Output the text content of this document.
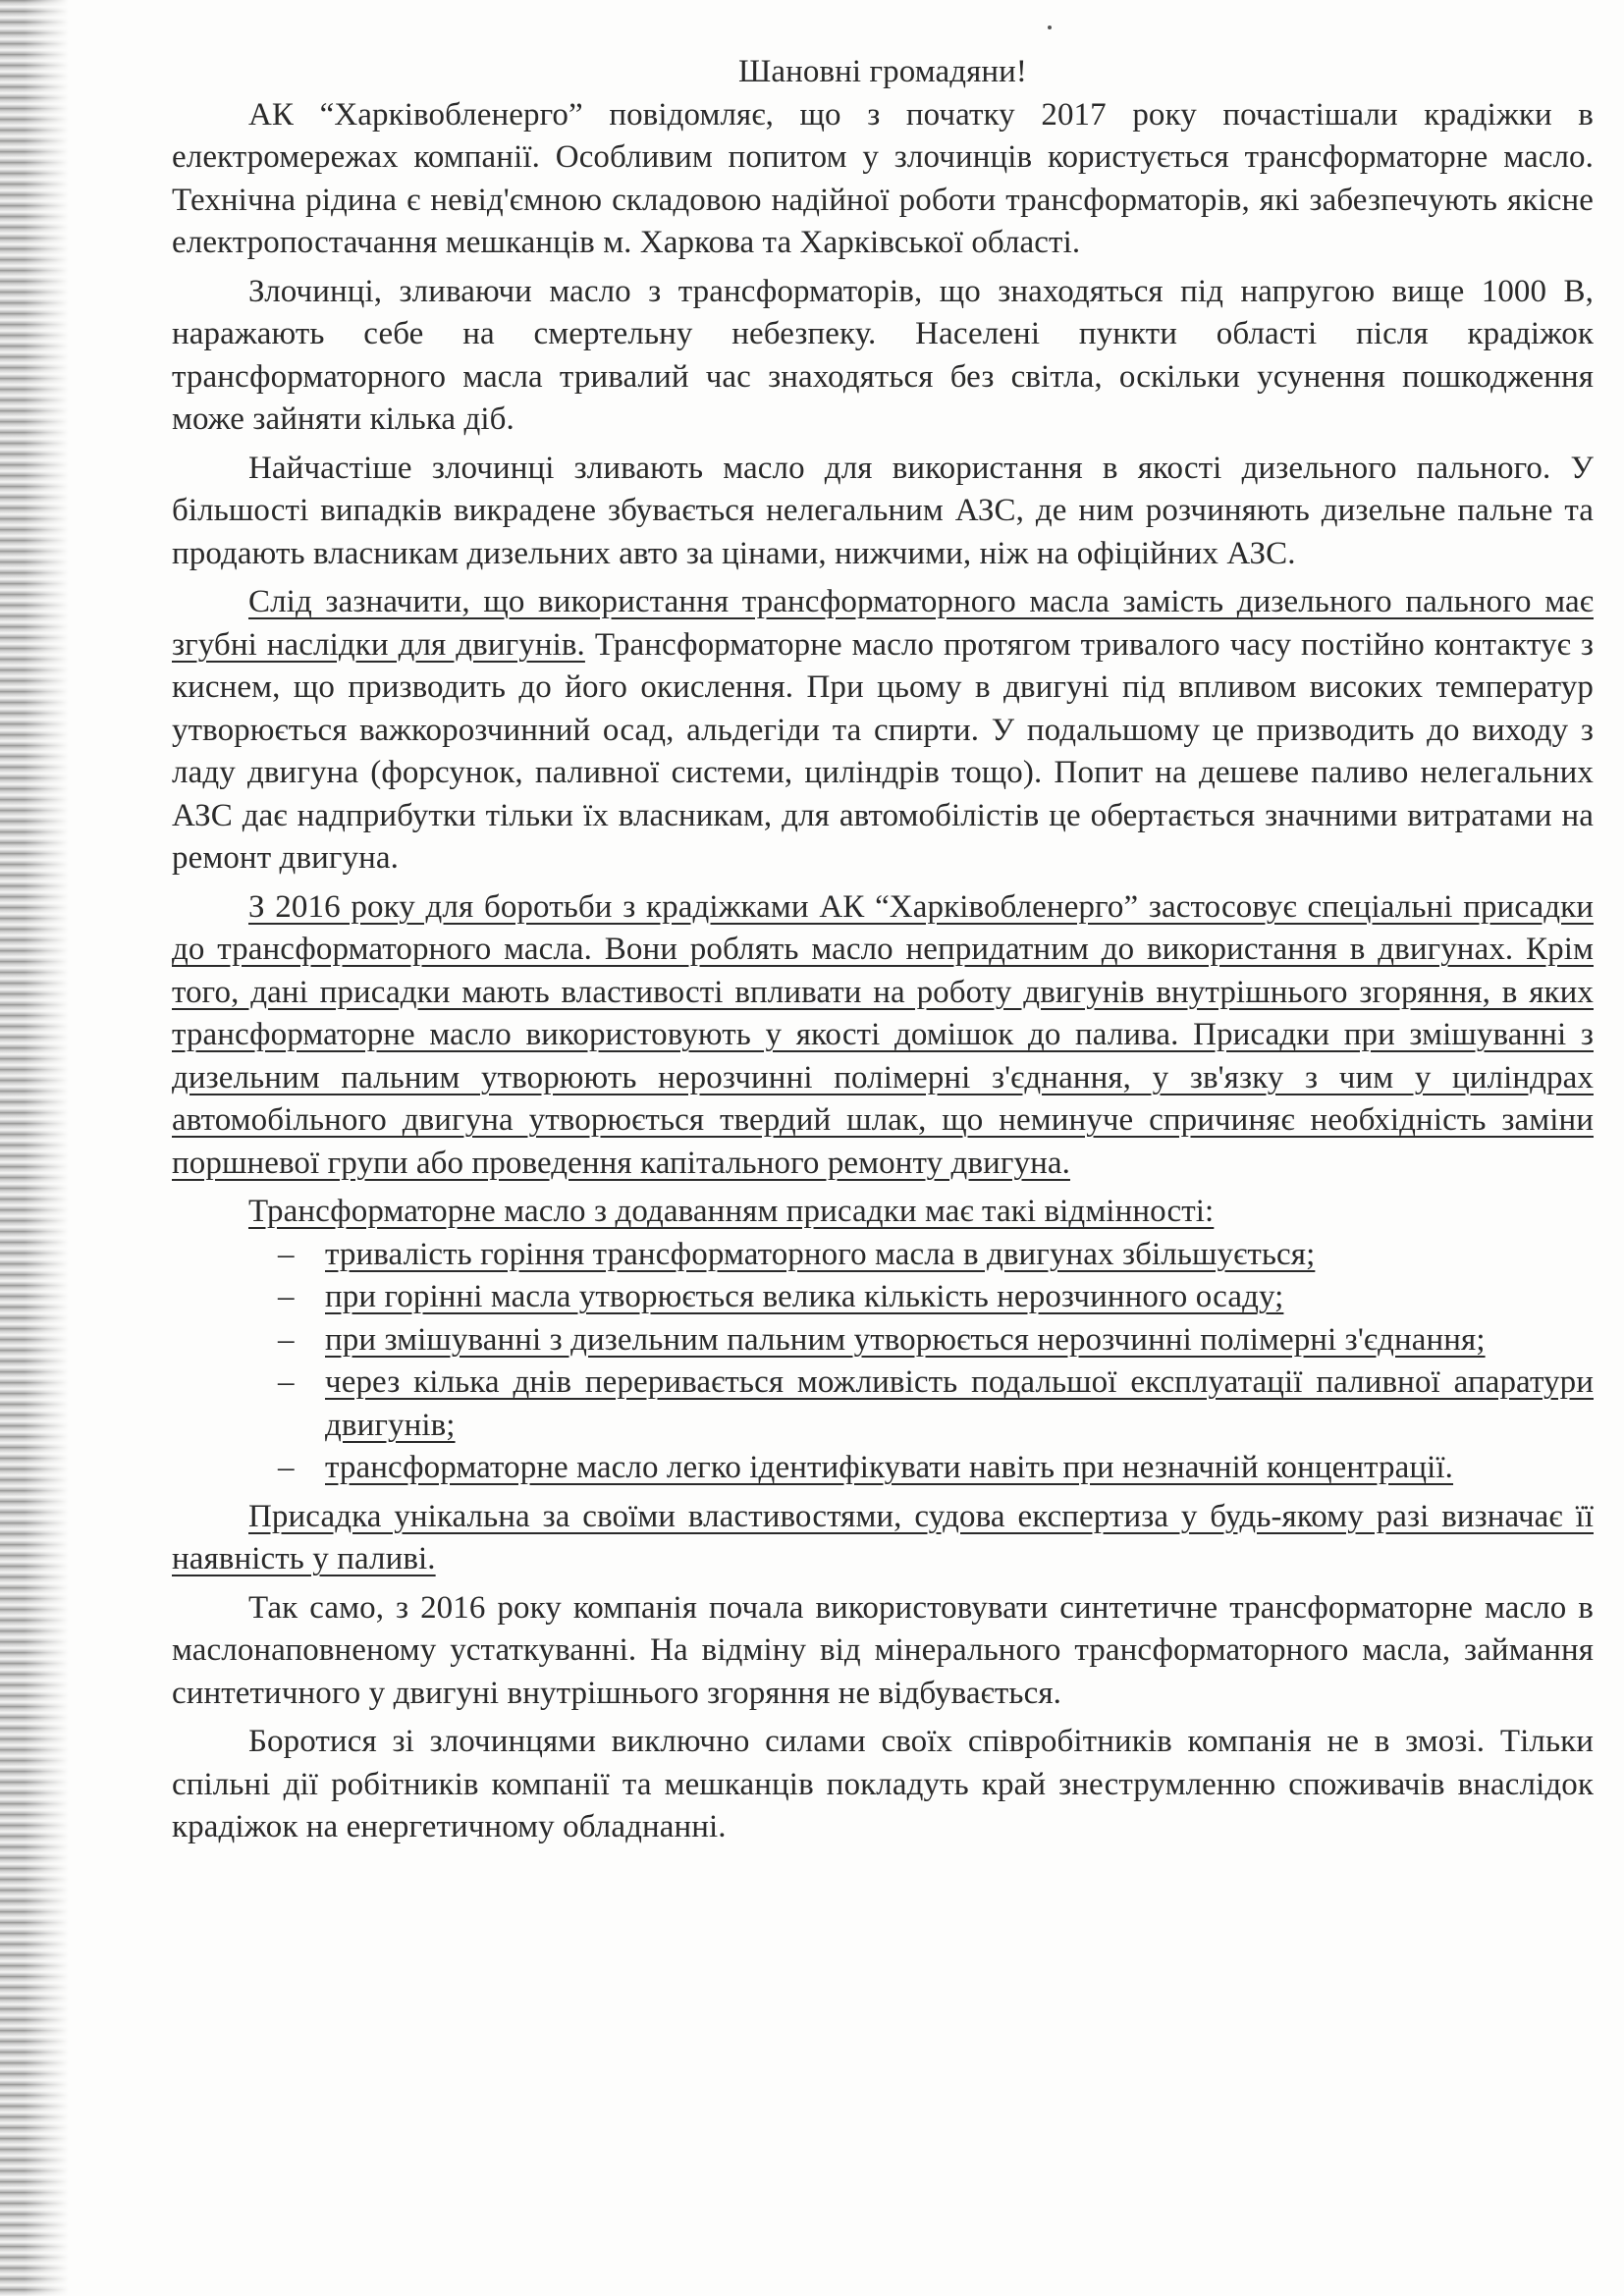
Шановні громадяни!

АК “Харківобленерго” повідомляє, що з початку 2017 року почастішали крадіжки в електромережах компанії. Особливим попитом у злочинців користується трансформаторне масло. Технічна рідина є невід'ємною складовою надійної роботи трансформаторів, які забезпечують якісне електропостачання мешканців м. Харкова та Харківської області.

Злочинці, зливаючи масло з трансформаторів, що знаходяться під напругою вище 1000 В, наражають себе на смертельну небезпеку. Населені пункти області після крадіжок трансформаторного масла тривалий час знаходяться без світла, оскільки усунення пошкодження може зайняти кілька діб.

Найчастіше злочинці зливають масло для використання в якості дизельного пального. У більшості випадків викрадене збувається нелегальним АЗС, де ним розчиняють дизельне пальне та продають власникам дизельних авто за цінами, нижчими, ніж на офіційних АЗС.

Слід зазначити, що використання трансформаторного масла замість дизельного пального має згубні наслідки для двигунів. Трансформаторне масло протягом тривалого часу постійно контактує з киснем, що призводить до його окислення. При цьому в двигуні під впливом високих температур утворюється важкорозчинний осад, альдегіди та спирти. У подальшому це призводить до виходу з ладу двигуна (форсунок, паливної системи, циліндрів тощо). Попит на дешеве паливо нелегальних АЗС дає надприбутки тільки їх власникам, для автомобілістів це обертається значними витратами на ремонт двигуна.

З 2016 року для боротьби з крадіжками АК “Харківобленерго” застосовує спеціальні присадки до трансформаторного масла. Вони роблять масло непридатним до використання в двигунах. Крім того, дані присадки мають властивості впливати на роботу двигунів внутрішнього згоряння, в яких трансформаторне масло використовують у якості домішок до палива. Присадки при змішуванні з дизельним пальним утворюють нерозчинні полімерні з'єднання, у зв'язку з чим у циліндрах автомобільного двигуна утворюється твердий шлак, що неминуче спричиняє необхідність заміни поршневої групи або проведення капітального ремонту двигуна.

Трансформаторне масло з додаванням присадки має такі відмінності:

– тривалість горіння трансформаторного масла в двигунах збільшується;
– при горінні масла утворюється велика кількість нерозчинного осаду;
– при змішуванні з дизельним пальним утворюється нерозчинні полімерні з'єднання;
– через кілька днів переривається можливість подальшої експлуатації паливної апаратури двигунів;
– трансформаторне масло легко ідентифікувати навіть при незначній концентрації.

Присадка унікальна за своїми властивостями, судова експертиза у будь-якому разі визначає її наявність у паливі.

Так само, з 2016 року компанія почала використовувати синтетичне трансформаторне масло в маслонаповненому устаткуванні. На відміну від мінерального трансформаторного масла, займання синтетичного у двигуні внутрішнього згоряння не відбувається.

Боротися зі злочинцями виключно силами своїх співробітників компанія не в змозі. Тільки спільні дії робітників компанії та мешканців покладуть край знеструмленню споживачів внаслідок крадіжок на енергетичному обладнанні.
